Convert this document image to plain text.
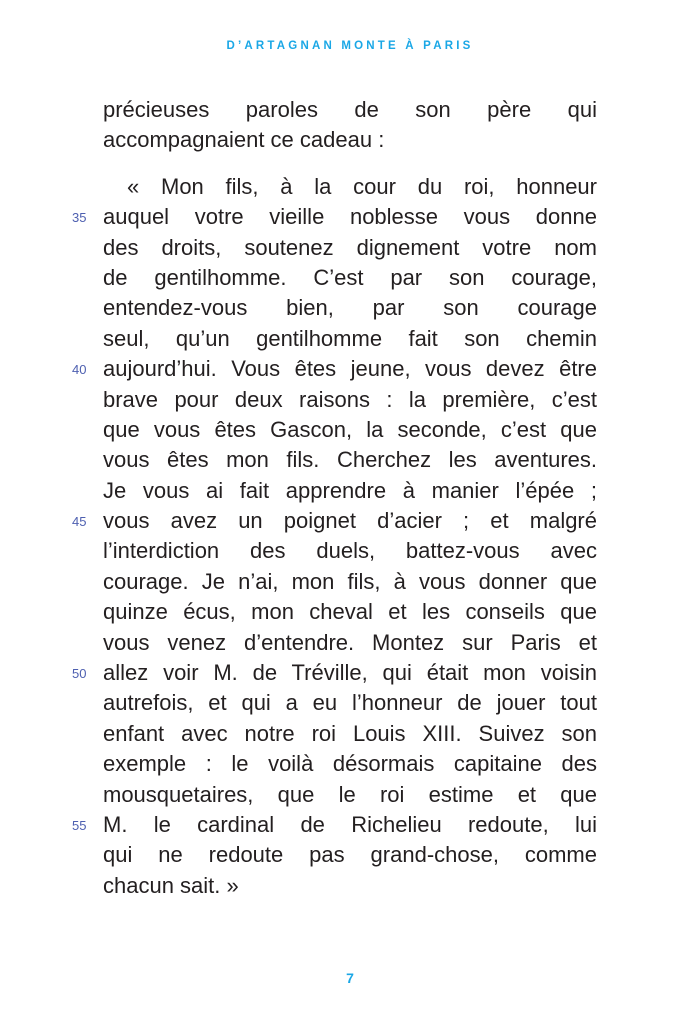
D’ARTAGNAN MONTE À PARIS
précieuses paroles de son père qui
accompagnaient ce cadeau :
« Mon fils, à la cour du roi, honneur
35 auquel votre vieille noblesse vous donne
des droits, soutenez dignement votre nom
de gentilhomme. C’est par son courage,
entendez-vous bien, par son courage
seul, qu’un gentilhomme fait son chemin
40 aujourd’hui. Vous êtes jeune, vous devez être
brave pour deux raisons : la première, c’est
que vous êtes Gascon, la seconde, c’est que
vous êtes mon fils. Cherchez les aventures.
Je vous ai fait apprendre à manier l’épée ;
45 vous avez un poignet d’acier ; et malgré
l’interdiction des duels, battez-vous avec
courage. Je n’ai, mon fils, à vous donner que
quinze écus, mon cheval et les conseils que
vous venez d’entendre. Montez sur Paris et
50 allez voir M. de Tréville, qui était mon voisin
autrefois, et qui a eu l’honneur de jouer tout
enfant avec notre roi Louis XIII. Suivez son
exemple : le voilà désormais capitaine des
mousquetaires, que le roi estime et que
55 M. le cardinal de Richelieu redoute, lui
qui ne redoute pas grand-chose, comme
chacun sait. »
7
